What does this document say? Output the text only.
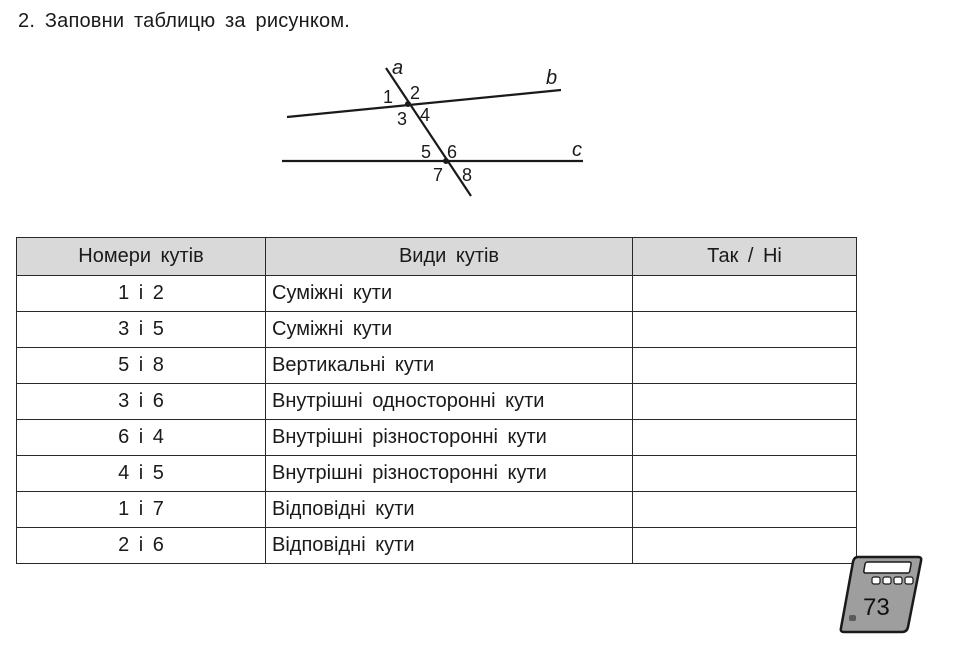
2. Заповни таблицю за рисунком.
a	b
c
1 2
3 4
5 6
7 8
Номери кутів	Види кутів	Так / Ні
1 і 2	Суміжні кути	
3 і 5	Суміжні кути	
5 і 8	Вертикальні кути	
3 і 6	Внутрішні односторонні кути	
6 і 4	Внутрішні різносторонні кути	
4 і 5	Внутрішні різносторонні кути	
1 і 7	Відповідні кути	
2 і 6	Відповідні кути	
73
